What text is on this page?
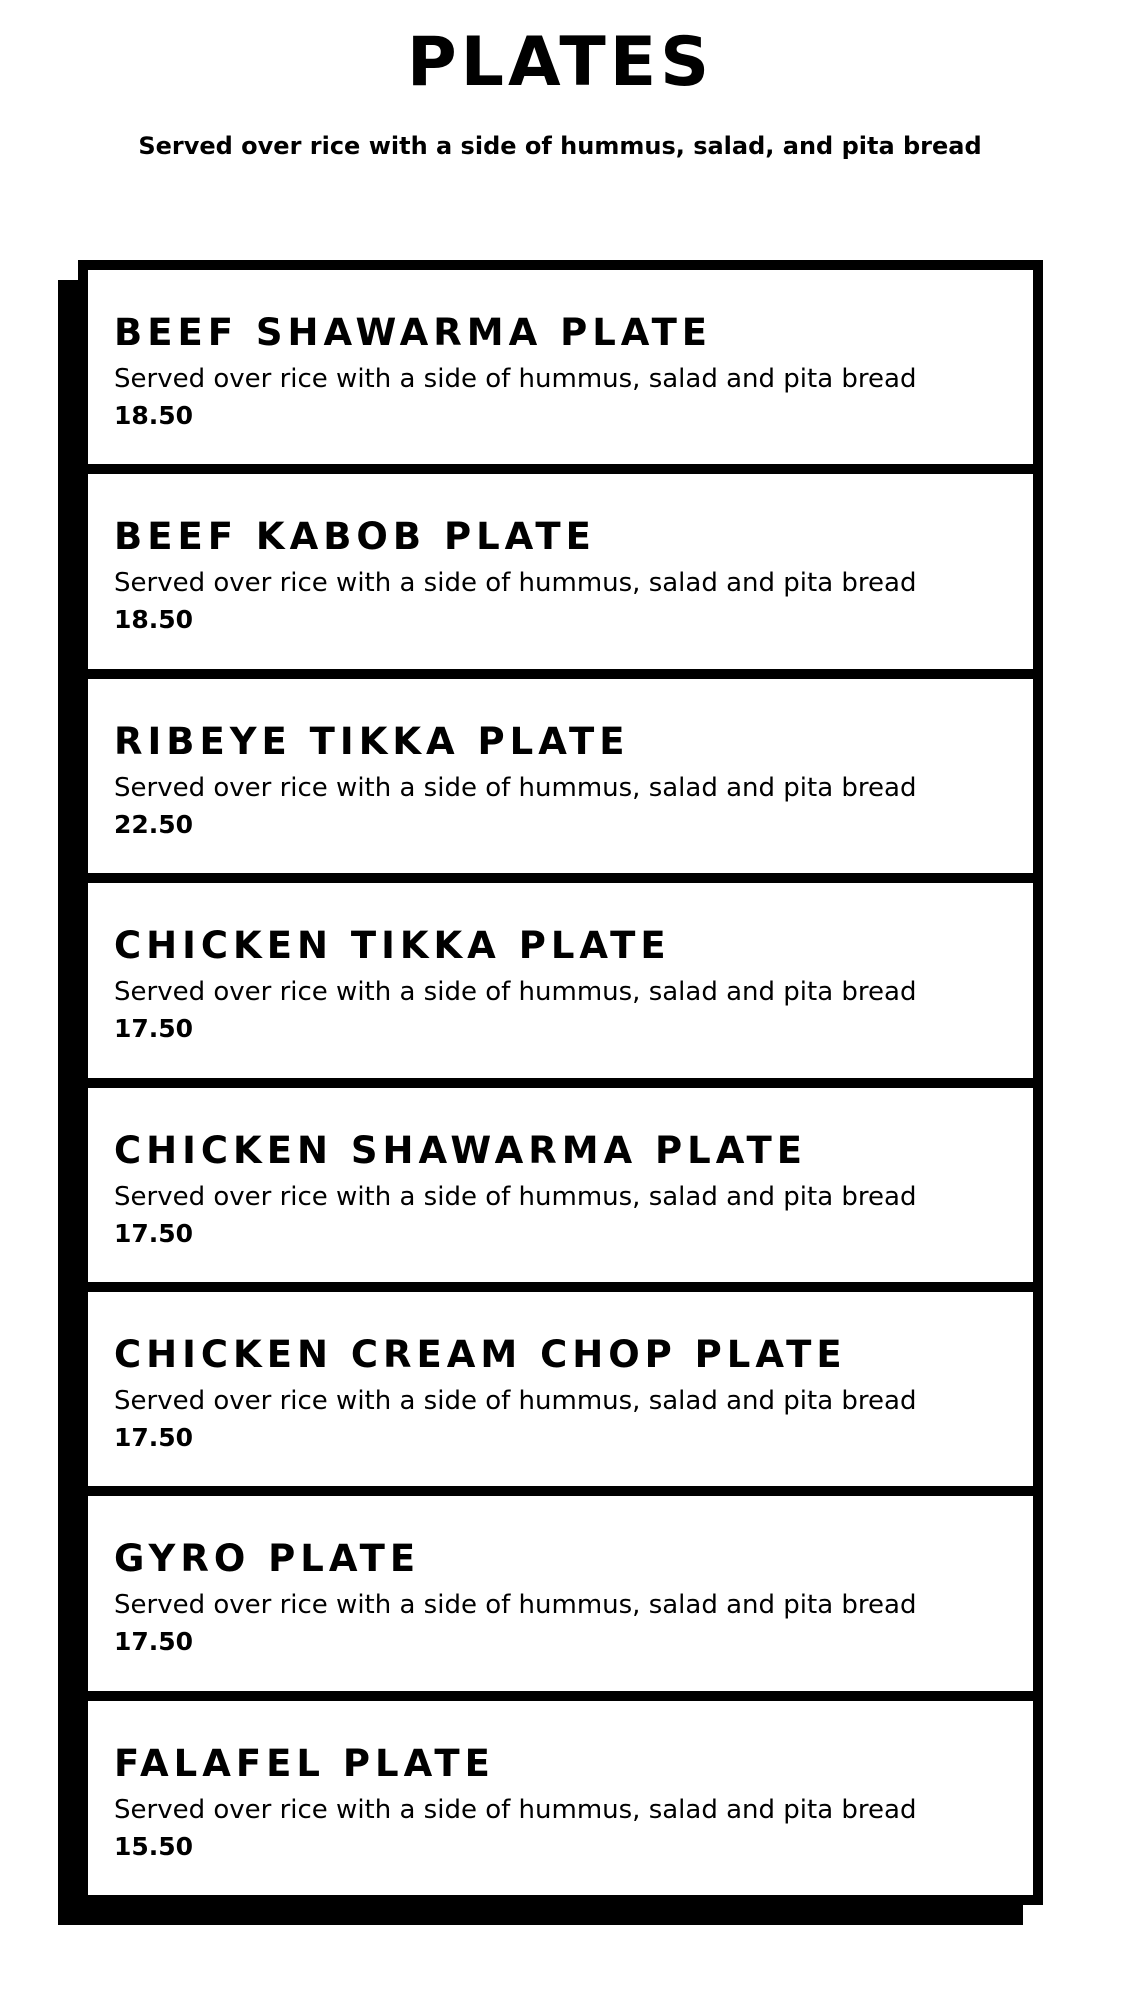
PLATES

Served over rice with a side of hummus, salad, and pita bread

BEEF SHAWARMA PLATE
Served over rice with a side of hummus, salad and pita bread
18.50
BEEF KABOB PLATE
Served over rice with a side of hummus, salad and pita bread
18.50
RIBEYE TIKKA PLATE
Served over rice with a side of hummus, salad and pita bread
22.50
CHICKEN TIKKA PLATE
Served over rice with a side of hummus, salad and pita bread
17.50
CHICKEN SHAWARMA PLATE
Served over rice with a side of hummus, salad and pita bread
17.50
CHICKEN CREAM CHOP PLATE
Served over rice with a side of hummus, salad and pita bread
17.50
GYRO PLATE
Served over rice with a side of hummus, salad and pita bread
17.50
FALAFEL PLATE
Served over rice with a side of hummus, salad and pita bread
15.50
